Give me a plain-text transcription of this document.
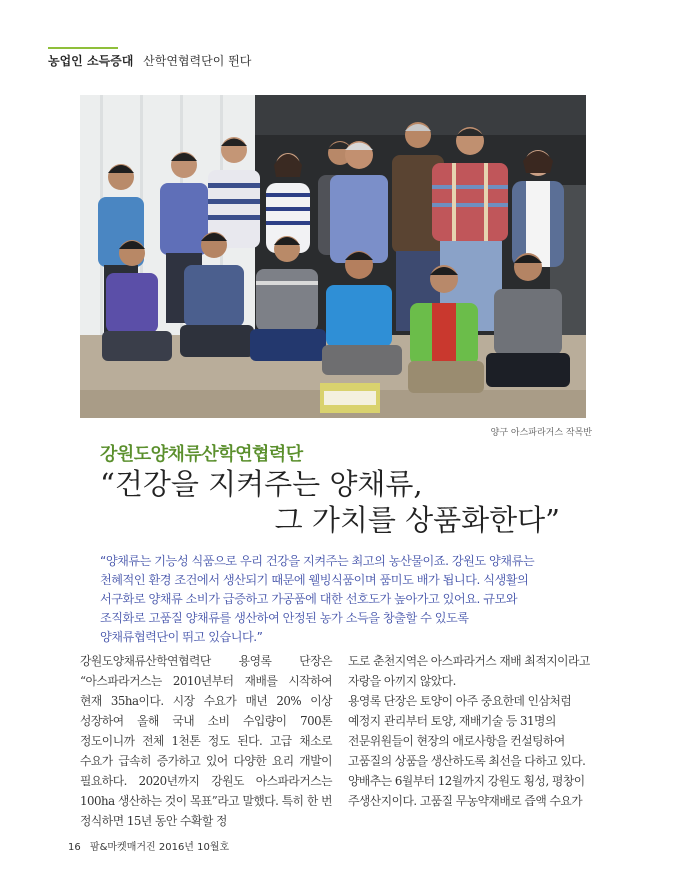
농업인 소득증대 산학연협력단이 뛴다
양구 아스파라거스 작목반
강원도양채류산학연협력단
“건강을 지켜주는 양채류,
그 가치를 상품화한다”
“양채류는 기능성 식품으로 우리 건강을 지켜주는 최고의 농산물이죠. 강원도 양채류는 천혜적인 환경 조건에서 생산되기 때문에 웰빙식품이며 품미도 배가 됩니다. 식생활의 서구화로 양채류 소비가 급증하고 가공품에 대한 선호도가 높아가고 있어요. 규모와 조직화로 고품질 양채류를 생산하여 안정된 농가 소득을 창출할 수 있도록 양채류협력단이 뛰고 있습니다.”

강원도양채류산학연협력단 용영록 단장은 “아스파라거스는 2010년부터 재배를 시작하여 현재 35ha이다. 시장 수요가 매년 20% 이상 성장하여 올해 국내 소비 수입량이 700톤 정도이니까 전체 1천톤 정도 된다. 고급 채소로 수요가 급속히 증가하고 있어 다양한 요리 개발이 필요하다. 2020년까지 강원도 아스파라거스는 100ha 생산하는 것이 목표”라고 말했다. 특히 한 번 정식하면 15년 동안 수확할 정

도로 춘천지역은 아스파라거스 재배 최적지이라고 자랑을 아끼지 않았다.

용영록 단장은 토양이 아주 중요한데 인삼처럼 예정지 관리부터 토양, 재배기술 등 31명의 전문위원들이 현장의 애로사항을 컨설팅하여 고품질의 상품을 생산하도록 최선을 다하고 있다.

양배추는 6월부터 12월까지 강원도 횡성, 평창이 주생산지이다. 고품질 무농약재배로 즙액 수요가

16 팜&마켓매거진 2016년 10월호
